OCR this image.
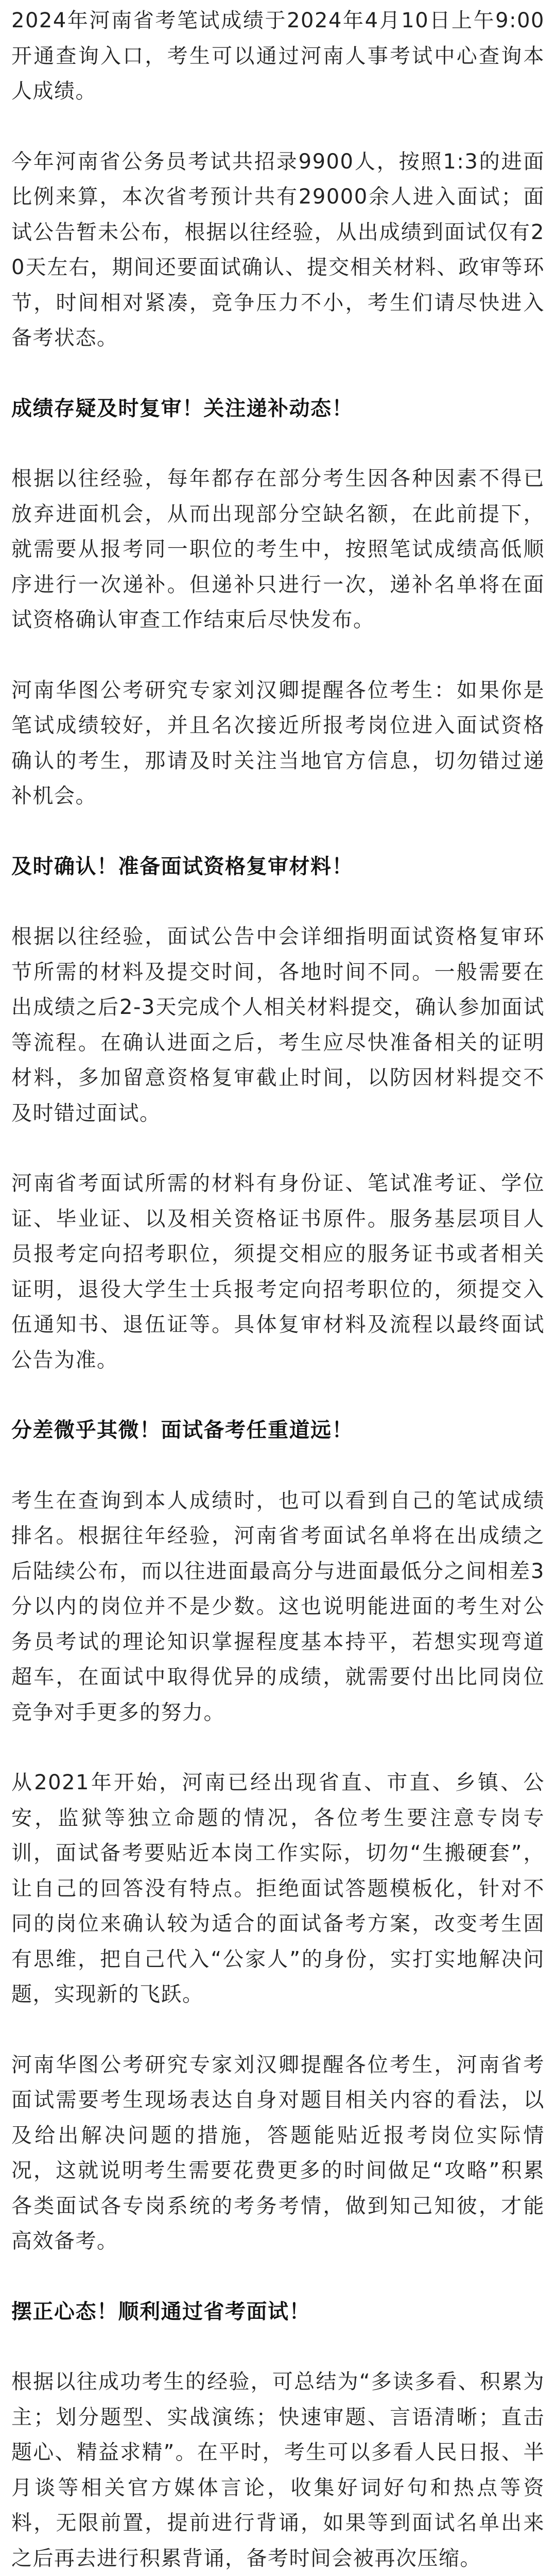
2024年河南省考笔试成绩于2024年4月10日上午9:00开通查询入口，考生可以通过河南人事考试中心查询本人成绩。

今年河南省公务员考试共招录9900人，按照1:3的进面比例来算，本次省考预计共有29000余人进入面试；面试公告暂未公布，根据以往经验，从出成绩到面试仅有20天左右，期间还要面试确认、提交相关材料、政审等环节，时间相对紧凑，竞争压力不小，考生们请尽快进入备考状态。

成绩存疑及时复审！关注递补动态！

根据以往经验，每年都存在部分考生因各种因素不得已放弃进面机会，从而出现部分空缺名额，在此前提下，就需要从报考同一职位的考生中，按照笔试成绩高低顺序进行一次递补。但递补只进行一次，递补名单将在面试资格确认审查工作结束后尽快发布。

河南华图公考研究专家刘汉卿提醒各位考生：如果你是笔试成绩较好，并且名次接近所报考岗位进入面试资格确认的考生，那请及时关注当地官方信息，切勿错过递补机会。

及时确认！准备面试资格复审材料！

根据以往经验，面试公告中会详细指明面试资格复审环节所需的材料及提交时间，各地时间不同。一般需要在出成绩之后2-3天完成个人相关材料提交，确认参加面试等流程。在确认进面之后，考生应尽快准备相关的证明材料，多加留意资格复审截止时间，以防因材料提交不及时错过面试。

河南省考面试所需的材料有身份证、笔试准考证、学位证、毕业证、以及相关资格证书原件。服务基层项目人员报考定向招考职位，须提交相应的服务证书或者相关证明，退役大学生士兵报考定向招考职位的，须提交入伍通知书、退伍证等。具体复审材料及流程以最终面试公告为准。

分差微乎其微！面试备考任重道远！

考生在查询到本人成绩时，也可以看到自己的笔试成绩排名。根据往年经验，河南省考面试名单将在出成绩之后陆续公布，而以往进面最高分与进面最低分之间相差3分以内的岗位并不是少数。这也说明能进面的考生对公务员考试的理论知识掌握程度基本持平，若想实现弯道超车，在面试中取得优异的成绩，就需要付出比同岗位竞争对手更多的努力。

从2021年开始，河南已经出现省直、市直、乡镇、公安，监狱等独立命题的情况，各位考生要注意专岗专训，面试备考要贴近本岗工作实际，切勿“生搬硬套”，让自己的回答没有特点。拒绝面试答题模板化，针对不同的岗位来确认较为适合的面试备考方案，改变考生固有思维，把自己代入“公家人”的身份，实打实地解决问题，实现新的飞跃。

河南华图公考研究专家刘汉卿提醒各位考生，河南省考面试需要考生现场表达自身对题目相关内容的看法，以及给出解决问题的措施，答题能贴近报考岗位实际情况，这就说明考生需要花费更多的时间做足“攻略”积累各类面试各专岗系统的考务考情，做到知己知彼，才能高效备考。

摆正心态！顺利通过省考面试！

根据以往成功考生的经验，可总结为“多读多看、积累为主；划分题型、实战演练；快速审题、言语清晰；直击题心、精益求精”。在平时，考生可以多看人民日报、半月谈等相关官方媒体言论，收集好词好句和热点等资料，无限前置，提前进行背诵，如果等到面试名单出来之后再去进行积累背诵，备考时间会被再次压缩。
